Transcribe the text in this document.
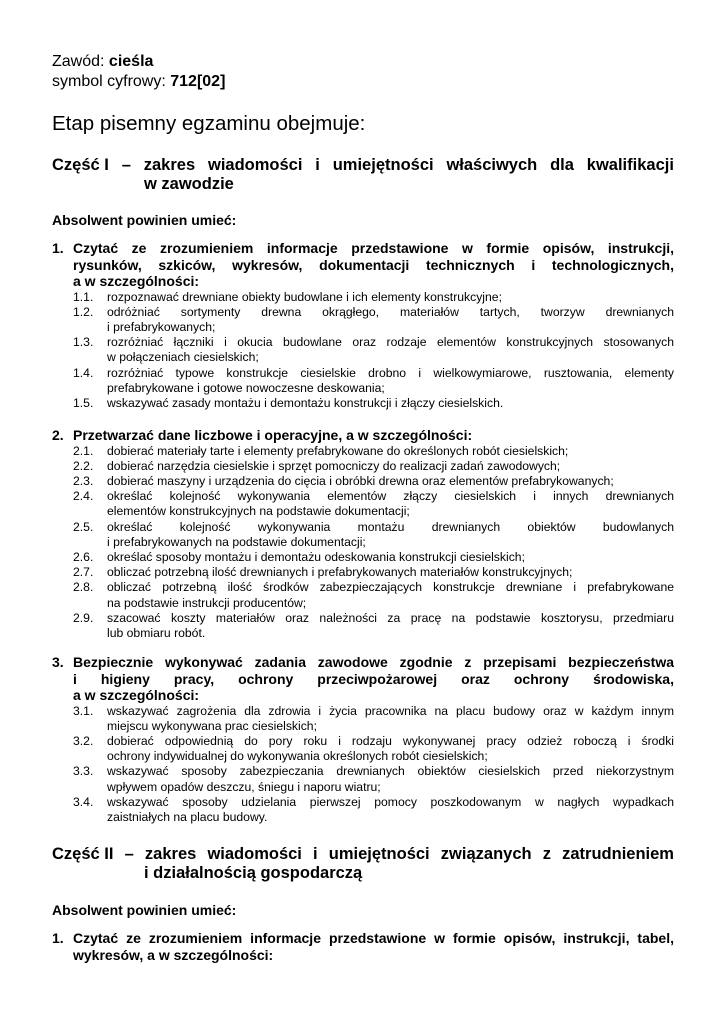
Zawód: cieśla
symbol cyfrowy: 712[02]
Etap pisemny egzaminu obejmuje:
Część I – zakres wiadomości i umiejętności właściwych dla kwalifikacji
w zawodzie
Absolwent powinien umieć:
1. Czytać ze zrozumieniem informacje przedstawione w formie opisów, instrukcji,
rysunków, szkiców, wykresów, dokumentacji technicznych i technologicznych,
a w szczególności:
1.1.	rozpoznawać drewniane obiekty budowlane i ich elementy konstrukcyjne;
1.2.	odróżniać sortymenty drewna okrągłego, materiałów tartych, tworzyw drewnianych
i prefabrykowanych;
1.3.	rozróżniać łączniki i okucia budowlane oraz rodzaje elementów konstrukcyjnych stosowanych
w połączeniach ciesielskich;
1.4.	rozróżniać typowe konstrukcje ciesielskie drobno i wielkowymiarowe, rusztowania, elementy
prefabrykowane i gotowe nowoczesne deskowania;
1.5.	wskazywać zasady montażu i demontażu konstrukcji i złączy ciesielskich.
2. Przetwarzać dane liczbowe i operacyjne, a w szczególności:
2.1.	dobierać materiały tarte i elementy prefabrykowane do określonych robót ciesielskich;
2.2.	dobierać narzędzia ciesielskie i sprzęt pomocniczy do realizacji zadań zawodowych;
2.3.	dobierać maszyny i urządzenia do cięcia i obróbki drewna oraz elementów prefabrykowanych;
2.4.	określać kolejność wykonywania elementów złączy ciesielskich i innych drewnianych
elementów konstrukcyjnych na podstawie dokumentacji;
2.5.	określać kolejność wykonywania montażu drewnianych obiektów budowlanych
i prefabrykowanych na podstawie dokumentacji;
2.6.	określać sposoby montażu i demontażu odeskowania konstrukcji ciesielskich;
2.7.	obliczać potrzebną ilość drewnianych i prefabrykowanych materiałów konstrukcyjnych;
2.8.	obliczać potrzebną ilość środków zabezpieczających konstrukcje drewniane i prefabrykowane
na podstawie instrukcji producentów;
2.9.	szacować koszty materiałów oraz należności za pracę na podstawie kosztorysu, przedmiaru
lub obmiaru robót.
3. Bezpiecznie wykonywać zadania zawodowe zgodnie z przepisami bezpieczeństwa
i higieny pracy, ochrony przeciwpożarowej oraz ochrony środowiska,
a w szczególności:
3.1.	wskazywać zagrożenia dla zdrowia i życia pracownika na placu budowy oraz w każdym innym
miejscu wykonywana prac ciesielskich;
3.2.	dobierać odpowiednią do pory roku i rodzaju wykonywanej pracy odzież roboczą i środki
ochrony indywidualnej do wykonywania określonych robót ciesielskich;
3.3.	wskazywać sposoby zabezpieczania drewnianych obiektów ciesielskich przed niekorzystnym
wpływem opadów deszczu, śniegu i naporu wiatru;
3.4.	wskazywać sposoby udzielania pierwszej pomocy poszkodowanym w nagłych wypadkach
zaistniałych na placu budowy.
Część II – zakres wiadomości i umiejętności związanych z zatrudnieniem
i działalnością gospodarczą
Absolwent powinien umieć:
1. Czytać ze zrozumieniem informacje przedstawione w formie opisów, instrukcji, tabel,
wykresów, a w szczególności:
